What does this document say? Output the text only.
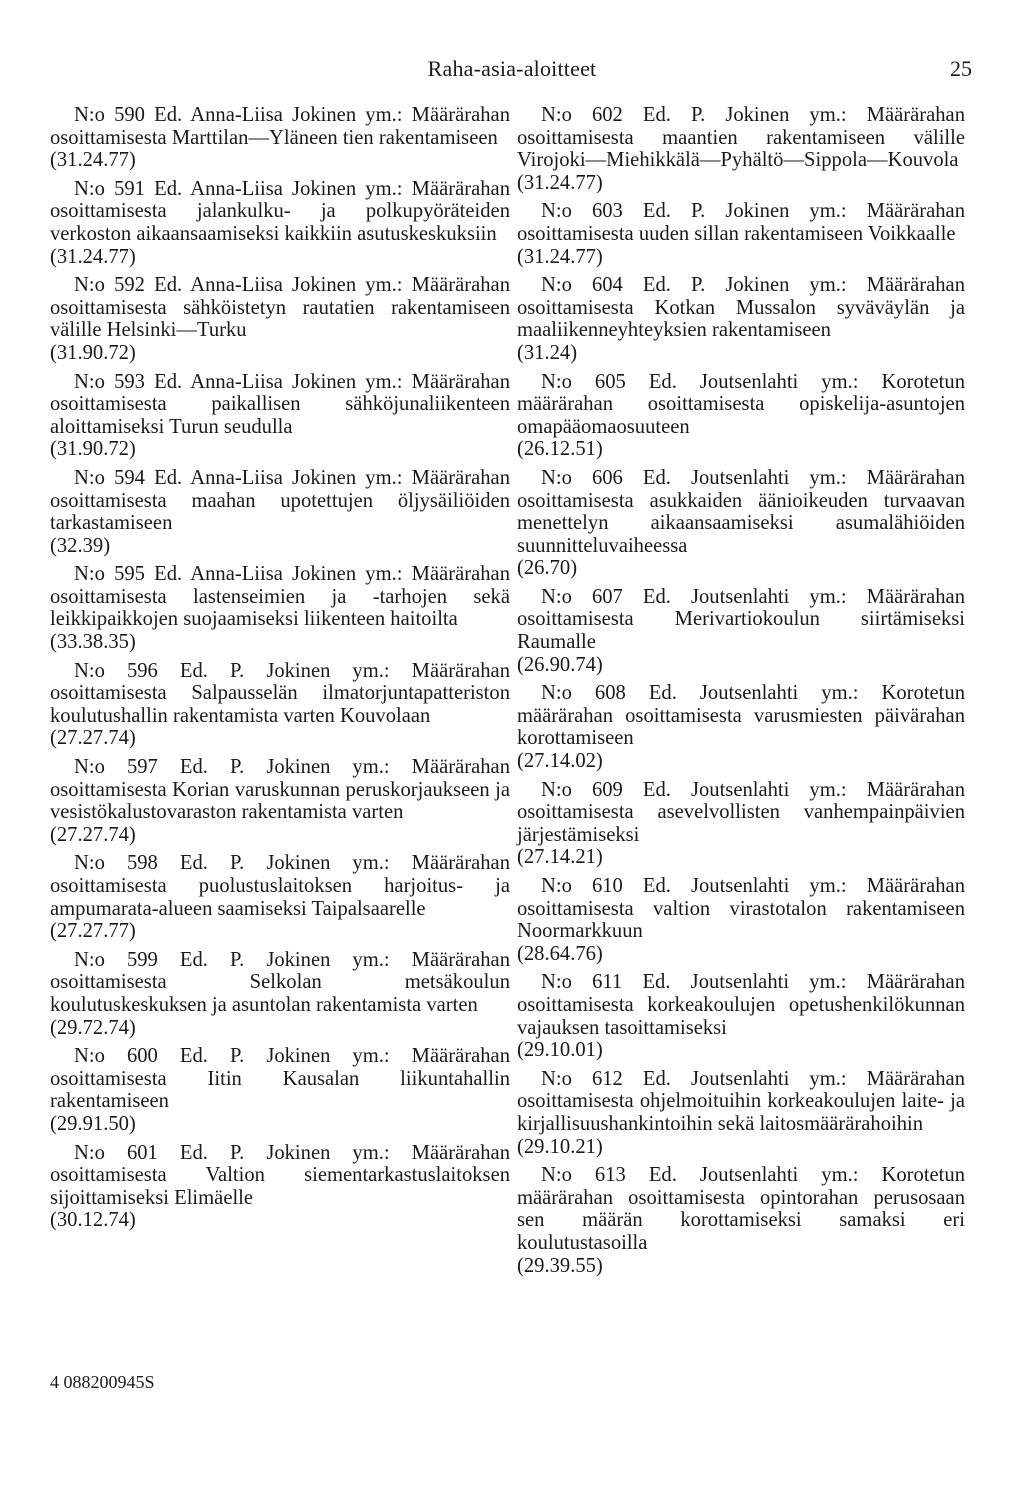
Raha-asia-aloitteet	25

N:o 590 Ed. Anna-Liisa Jokinen ym.: Määrärahan osoittamisesta Marttilan—Yläneen tien rakentamiseen

(31.24.77)

N:o 591 Ed. Anna-Liisa Jokinen ym.: Määrärahan osoittamisesta jalankulku- ja polkupyöräteiden verkoston aikaansaamiseksi kaikkiin asutuskeskuksiin

(31.24.77)

N:o 592 Ed. Anna-Liisa Jokinen ym.: Määrärahan osoittamisesta sähköistetyn rautatien rakentamiseen välille Helsinki—Turku

(31.90.72)

N:o 593 Ed. Anna-Liisa Jokinen ym.: Määrärahan osoittamisesta paikallisen sähköjunaliikenteen aloittamiseksi Turun seudulla

(31.90.72)

N:o 594 Ed. Anna-Liisa Jokinen ym.: Määrärahan osoittamisesta maahan upotettujen öljysäiliöiden tarkastamiseen

(32.39)

N:o 595 Ed. Anna-Liisa Jokinen ym.: Määrärahan osoittamisesta lastenseimien ja -tarhojen sekä leikkipaikkojen suojaamiseksi liikenteen haitoilta

(33.38.35)

N:o 596 Ed. P. Jokinen ym.: Määrärahan osoittamisesta Salpausselän ilmatorjuntapatteriston koulutushallin rakentamista varten Kouvolaan

(27.27.74)

N:o 597 Ed. P. Jokinen ym.: Määrärahan osoittamisesta Korian varuskunnan peruskorjaukseen ja vesistökalustovaraston rakentamista varten

(27.27.74)

N:o 598 Ed. P. Jokinen ym.: Määrärahan osoittamisesta puolustuslaitoksen harjoitus- ja ampumarata-alueen saamiseksi Taipalsaarelle

(27.27.77)

N:o 599 Ed. P. Jokinen ym.: Määrärahan osoittamisesta Selkolan metsäkoulun koulutuskeskuksen ja asuntolan rakentamista varten

(29.72.74)

N:o 600 Ed. P. Jokinen ym.: Määrärahan osoittamisesta Iitin Kausalan liikuntahallin rakentamiseen

(29.91.50)

N:o 601 Ed. P. Jokinen ym.: Määrärahan osoittamisesta Valtion siementarkastuslaitoksen sijoittamiseksi Elimäelle

(30.12.74)

N:o 602 Ed. P. Jokinen ym.: Määrärahan osoittamisesta maantien rakentamiseen välille Virojoki—Miehikkälä—Pyhältö—Sippola—Kouvola

(31.24.77)

N:o 603 Ed. P. Jokinen ym.: Määrärahan osoittamisesta uuden sillan rakentamiseen Voikkaalle

(31.24.77)

N:o 604 Ed. P. Jokinen ym.: Määrärahan osoittamisesta Kotkan Mussalon syväväylän ja maaliikenneyhteyksien rakentamiseen

(31.24)

N:o 605 Ed. Joutsenlahti ym.: Korotetun määrärahan osoittamisesta opiskelija-asuntojen omapääomaosuuteen

(26.12.51)

N:o 606 Ed. Joutsenlahti ym.: Määrärahan osoittamisesta asukkaiden äänioikeuden turvaavan menettelyn aikaansaamiseksi asumalähiöiden suunnitteluvaiheessa

(26.70)

N:o 607 Ed. Joutsenlahti ym.: Määrärahan osoittamisesta Merivartiokoulun siirtämiseksi Raumalle

(26.90.74)

N:o 608 Ed. Joutsenlahti ym.: Korotetun määrärahan osoittamisesta varusmiesten päivärahan korottamiseen

(27.14.02)

N:o 609 Ed. Joutsenlahti ym.: Määrärahan osoittamisesta asevelvollisten vanhempainpäivien järjestämiseksi

(27.14.21)

N:o 610 Ed. Joutsenlahti ym.: Määrärahan osoittamisesta valtion virastotalon rakentamiseen Noormarkkuun

(28.64.76)

N:o 611 Ed. Joutsenlahti ym.: Määrärahan osoittamisesta korkeakoulujen opetushenkilökunnan vajauksen tasoittamiseksi

(29.10.01)

N:o 612 Ed. Joutsenlahti ym.: Määrärahan osoittamisesta ohjelmoituihin korkeakoulujen laite- ja kirjallisuushankintoihin sekä laitosmäärärahoihin

(29.10.21)

N:o 613 Ed. Joutsenlahti ym.: Korotetun määrärahan osoittamisesta opintorahan perusosaan sen määrän korottamiseksi samaksi eri koulutustasoilla

(29.39.55)

4 088200945S
